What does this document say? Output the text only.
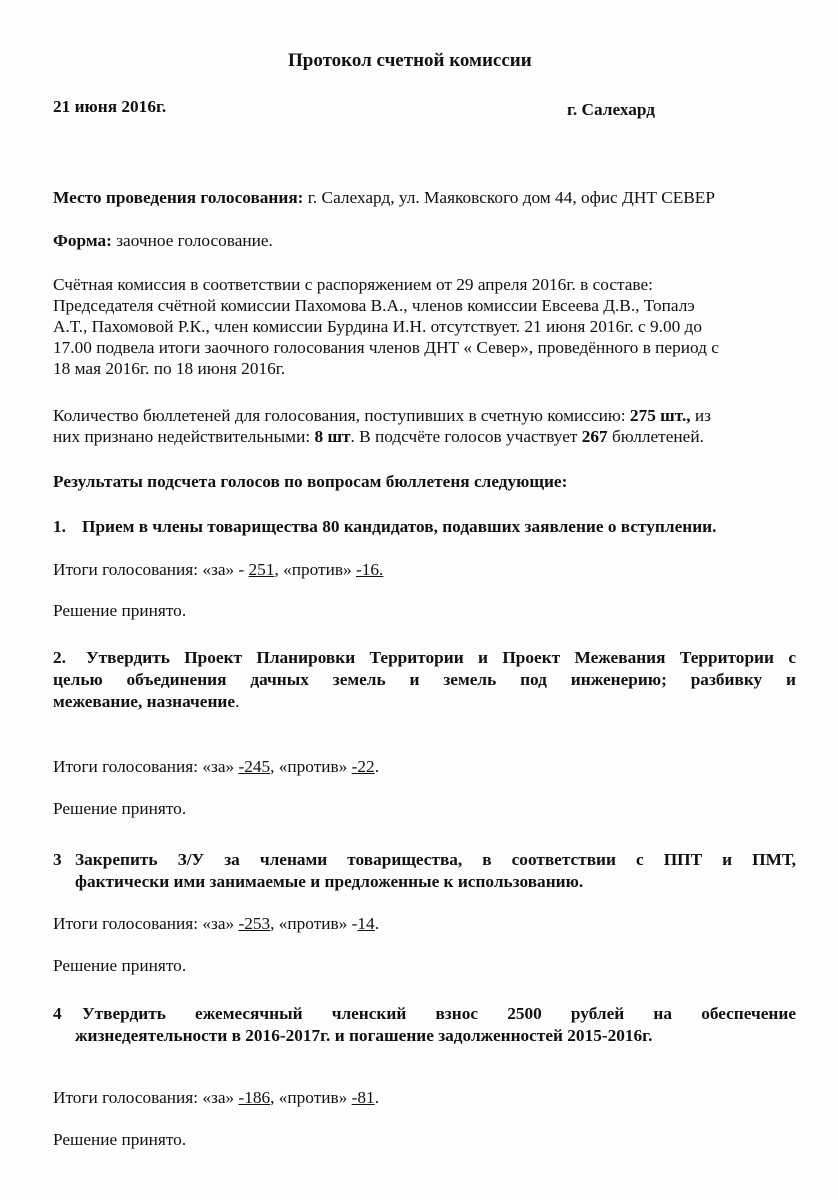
Протокол счетной комиссии
21 июня 2016г.	г. Салехард
Место проведения голосования: г. Салехард, ул. Маяковского дом 44, офис ДНТ СЕВЕР
Форма: заочное голосование.
Счётная комиссия в соответствии с распоряжением от 29 апреля 2016г. в составе:
Председателя счётной комиссии Пахомова В.А., членов комиссии Евсеева Д.В., Топалэ
А.Т., Пахомовой Р.К., член комиссии Бурдина И.Н. отсутствует. 21 июня 2016г. с 9.00 до
17.00 подвела итоги заочного голосования членов ДНТ « Север», проведённого в период с
18 мая 2016г. по 18 июня 2016г.
Количество бюллетеней для голосования, поступивших в счетную комиссию: 275 шт., из
них признано недействительными: 8 шт. В подсчёте голосов участвует 267 бюллетеней.
Результаты подсчета голосов по вопросам бюллетеня следующие:
1. Прием в члены товарищества 80 кандидатов, подавших заявление о вступлении.
Итоги голосования: «за» - 251, «против» -16.
Решение принято.
2. Утвердить Проект Планировки Территории и Проект Межевания Территории с
целью объединения дачных земель и земель под инженерию; разбивку и
межевание, назначение.
Итоги голосования: «за» -245, «против» -22.
Решение принято.
3 Закрепить З/У за членами товарищества, в соответствии с ППТ и ПМТ,
фактически ими занимаемые и предложенные к использованию.
Итоги голосования: «за» -253, «против» -14.
Решение принято.
4 Утвердить ежемесячный членский взнос 2500 рублей на обеспечение
жизнедеятельности в 2016-2017г. и погашение задолженностей 2015-2016г.
Итоги голосования: «за» -186, «против» -81.
Решение принято.
